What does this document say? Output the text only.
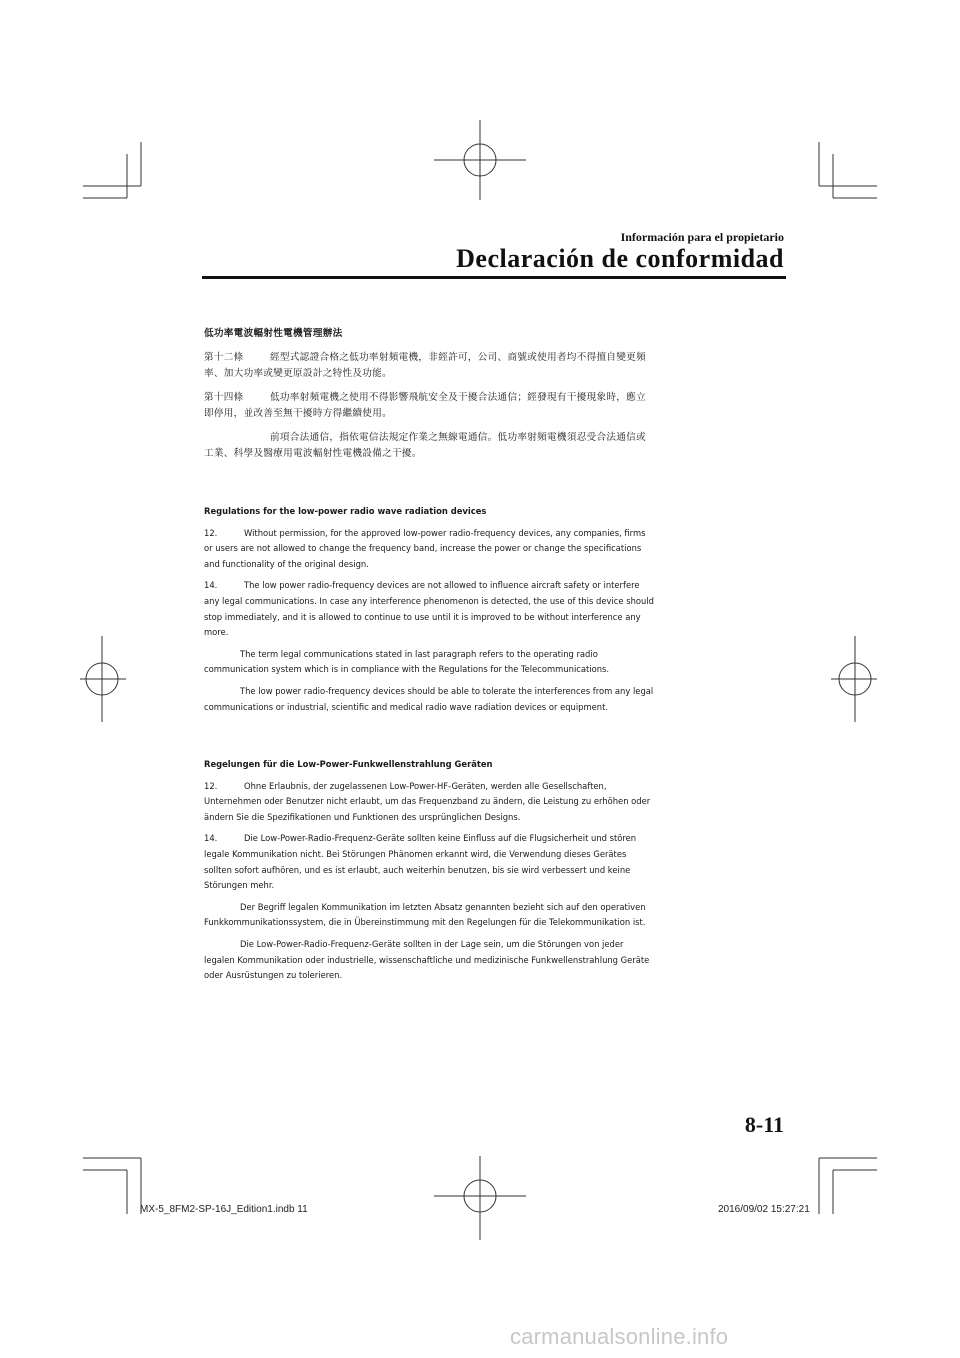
Información para el propietario
Declaración de conformidad

低功率電波輻射性電機管理辦法

第十二條	經型式認證合格之低功率射頻電機，非經許可，公司、商號或使用者均不得擅自變更頻率、加大功率或變更原設計之特性及功能。

第十四條	低功率射頻電機之使用不得影響飛航安全及干擾合法通信；經發現有干擾現象時，應立即停用，並改善至無干擾時方得繼續使用。

前項合法通信，指依電信法規定作業之無線電通信。低功率射頻電機須忍受合法通信或工業、科學及醫療用電波輻射性電機設備之干擾。

Regulations for the low-power radio wave radiation devices

12.	Without permission, for the approved low-power radio-frequency devices, any companies, firms or users are not allowed to change the frequency band, increase the power or change the specifications and functionality of the original design.

14.	The low power radio-frequency devices are not allowed to influence aircraft safety or interfere any legal communications. In case any interference phenomenon is detected, the use of this device should stop immediately, and it is allowed to continue to use until it is improved to be without interference any more.

The term legal communications stated in last paragraph refers to the operating radio communication system which is in compliance with the Regulations for the Telecommunications.

The low power radio-frequency devices should be able to tolerate the interferences from any legal communications or industrial, scientific and medical radio wave radiation devices or equipment.

Regelungen für die Low-Power-Funkwellenstrahlung Geräten

12.	Ohne Erlaubnis, der zugelassenen Low-Power-HF-Geräten, werden alle Gesellschaften, Unternehmen oder Benutzer nicht erlaubt, um das Frequenzband zu ändern, die Leistung zu erhöhen oder ändern Sie die Spezifikationen und Funktionen des ursprünglichen Designs.

14.	Die Low-Power-Radio-Frequenz-Geräte sollten keine Einfluss auf die Flugsicherheit und stören legale Kommunikation nicht. Bei Störungen Phänomen erkannt wird, die Verwendung dieses Gerätes sollten sofort aufhören, und es ist erlaubt, auch weiterhin benutzen, bis sie wird verbessert und keine Störungen mehr.

Der Begriff legalen Kommunikation im letzten Absatz genannten bezieht sich auf den operativen Funkkommunikationssystem, die in Übereinstimmung mit den Regelungen für die Telekommunikation ist.

Die Low-Power-Radio-Frequenz-Geräte sollten in der Lage sein, um die Störungen von jeder legalen Kommunikation oder industrielle, wissenschaftliche und medizinische Funkwellenstrahlung Geräte oder Ausrüstungen zu tolerieren.

8-11
MX-5_8FM2-SP-16J_Edition1.indb 11	2016/09/02 15:27:21
carmanualsonline.info
